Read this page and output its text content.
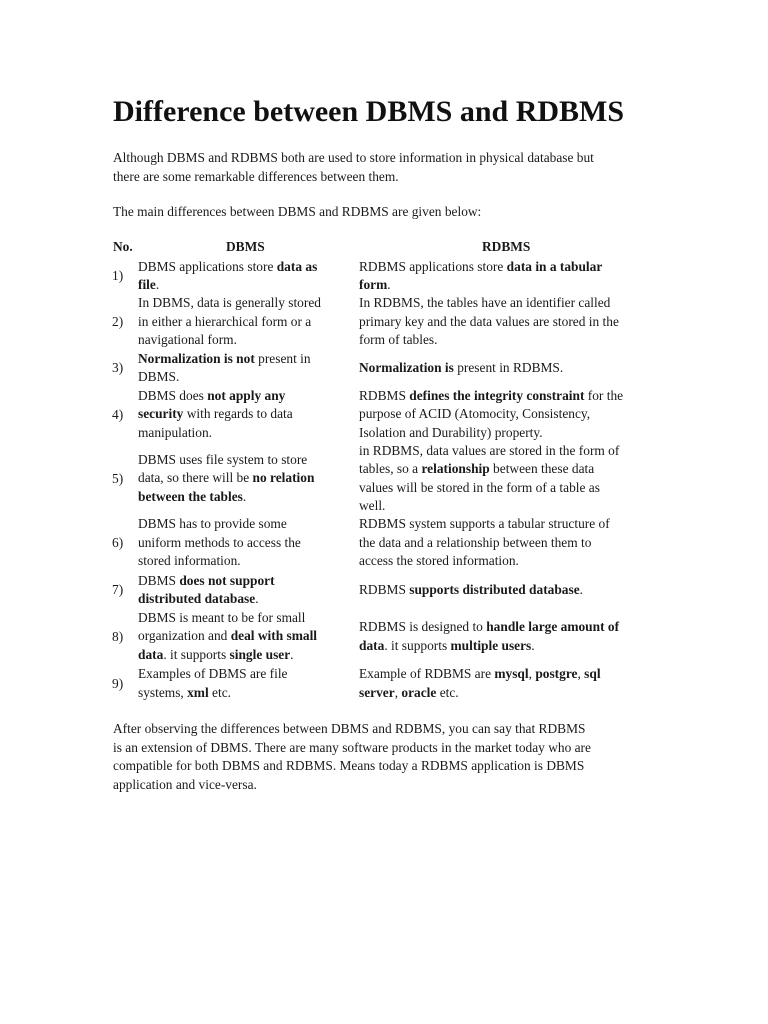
Difference between DBMS and RDBMS

Although DBMS and RDBMS both are used to store information in physical database but
there are some remarkable differences between them.

The main differences between DBMS and RDBMS are given below:

No.	DBMS	RDBMS
1)
DBMS applications store data as
file.
RDBMS applications store data in a tabular
form.
2)
In DBMS, data is generally stored
in either a hierarchical form or a
navigational form.
In RDBMS, the tables have an identifier called
primary key and the data values are stored in the
form of tables.
3)
Normalization is not present in
DBMS.
Normalization is present in RDBMS.
4)
DBMS does not apply any
security with regards to data
manipulation.
RDBMS defines the integrity constraint for the
purpose of ACID (Atomocity, Consistency,
Isolation and Durability) property.
5)
DBMS uses file system to store
data, so there will be no relation
between the tables.
in RDBMS, data values are stored in the form of
tables, so a relationship between these data
values will be stored in the form of a table as
well.
6)
DBMS has to provide some
uniform methods to access the
stored information.
RDBMS system supports a tabular structure of
the data and a relationship between them to
access the stored information.
7)
DBMS does not support
distributed database.
RDBMS supports distributed database.
8)
DBMS is meant to be for small
organization and deal with small
data. it supports single user.
RDBMS is designed to handle large amount of
data. it supports multiple users.
9)
Examples of DBMS are file
systems, xml etc.
Example of RDBMS are mysql, postgre, sql
server, oracle etc.

After observing the differences between DBMS and RDBMS, you can say that RDBMS
is an extension of DBMS. There are many software products in the market today who are
compatible for both DBMS and RDBMS. Means today a RDBMS application is DBMS
application and vice-versa.
